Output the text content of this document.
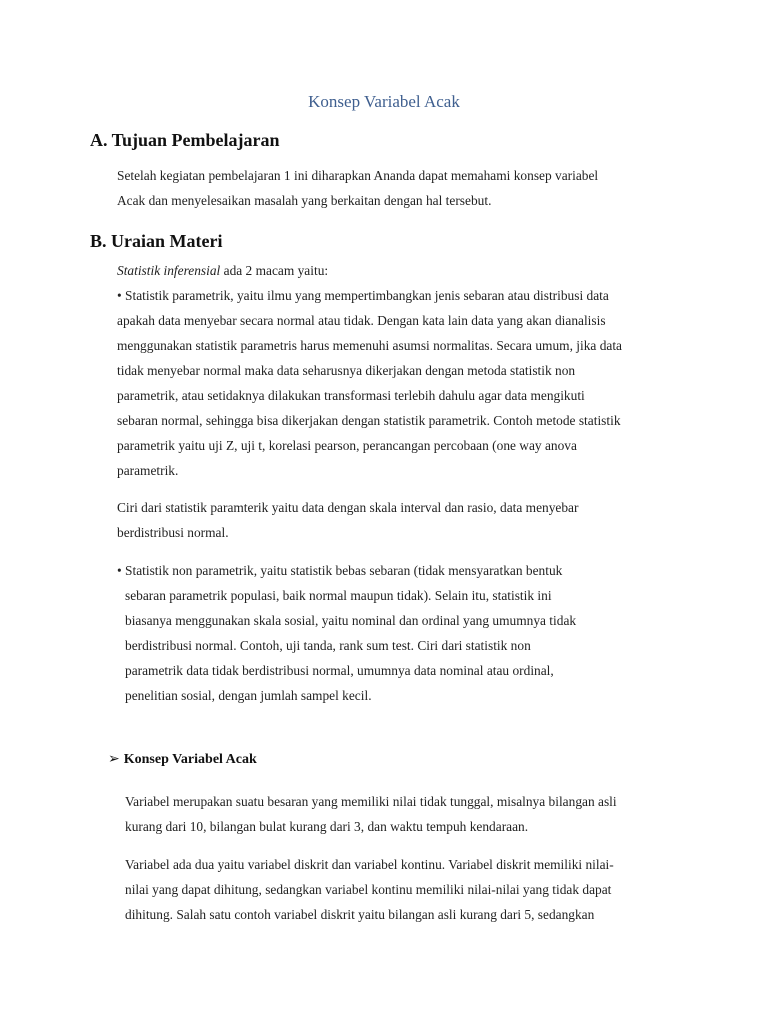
Konsep Variabel Acak
A. Tujuan Pembelajaran
Setelah kegiatan pembelajaran 1 ini diharapkan Ananda dapat memahami konsep variabel
Acak dan menyelesaikan masalah yang berkaitan dengan hal tersebut.
B. Uraian Materi
Statistik inferensial ada 2 macam yaitu:
• Statistik parametrik, yaitu ilmu yang mempertimbangkan jenis sebaran atau distribusi data
apakah data menyebar secara normal atau tidak. Dengan kata lain data yang akan dianalisis
menggunakan statistik parametris harus memenuhi asumsi normalitas. Secara umum, jika data
tidak menyebar normal maka data seharusnya dikerjakan dengan metoda statistik non
parametrik, atau setidaknya dilakukan transformasi terlebih dahulu agar data mengikuti
sebaran normal, sehingga bisa dikerjakan dengan statistik parametrik. Contoh metode statistik
parametrik yaitu uji Z, uji t, korelasi pearson, perancangan percobaan (one way anova
parametrik.
Ciri dari statistik paramterik yaitu data dengan skala interval dan rasio, data menyebar
berdistribusi normal.
• Statistik non parametrik, yaitu statistik bebas sebaran (tidak mensyaratkan bentuk
sebaran parametrik populasi, baik normal maupun tidak). Selain itu, statistik ini
biasanya menggunakan skala sosial, yaitu nominal dan ordinal yang umumnya tidak
berdistribusi normal. Contoh, uji tanda, rank sum test. Ciri dari statistik non
parametrik data tidak berdistribusi normal, umumnya data nominal atau ordinal,
penelitian sosial, dengan jumlah sampel kecil.
➢ Konsep Variabel Acak
Variabel merupakan suatu besaran yang memiliki nilai tidak tunggal, misalnya bilangan asli
kurang dari 10, bilangan bulat kurang dari 3, dan waktu tempuh kendaraan.
Variabel ada dua yaitu variabel diskrit dan variabel kontinu. Variabel diskrit memiliki nilai-
nilai yang dapat dihitung, sedangkan variabel kontinu memiliki nilai-nilai yang tidak dapat
dihitung. Salah satu contoh variabel diskrit yaitu bilangan asli kurang dari 5, sedangkan
